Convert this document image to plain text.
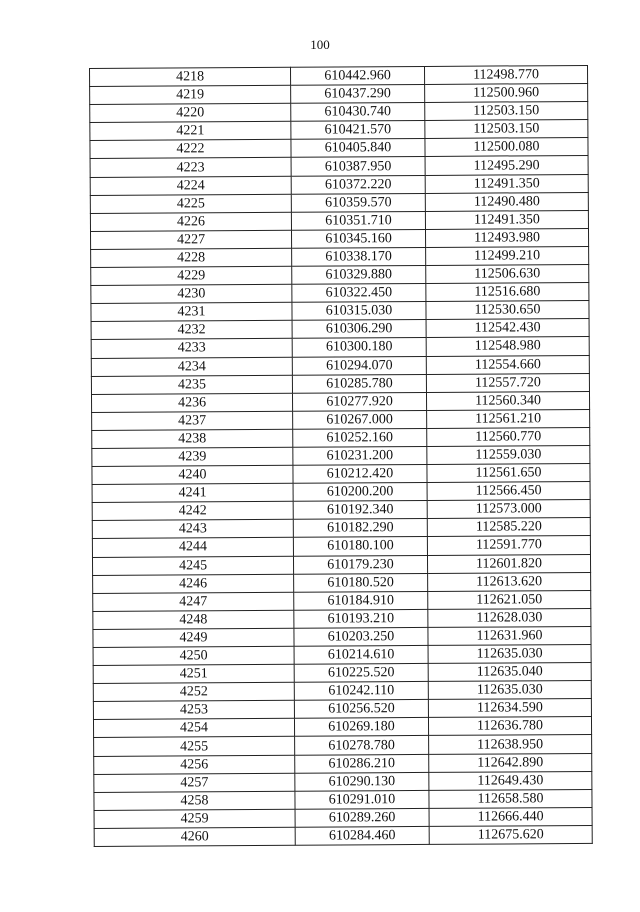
100
4218	610442.960	112498.770
4219	610437.290	112500.960
4220	610430.740	112503.150
4221	610421.570	112503.150
4222	610405.840	112500.080
4223	610387.950	112495.290
4224	610372.220	112491.350
4225	610359.570	112490.480
4226	610351.710	112491.350
4227	610345.160	112493.980
4228	610338.170	112499.210
4229	610329.880	112506.630
4230	610322.450	112516.680
4231	610315.030	112530.650
4232	610306.290	112542.430
4233	610300.180	112548.980
4234	610294.070	112554.660
4235	610285.780	112557.720
4236	610277.920	112560.340
4237	610267.000	112561.210
4238	610252.160	112560.770
4239	610231.200	112559.030
4240	610212.420	112561.650
4241	610200.200	112566.450
4242	610192.340	112573.000
4243	610182.290	112585.220
4244	610180.100	112591.770
4245	610179.230	112601.820
4246	610180.520	112613.620
4247	610184.910	112621.050
4248	610193.210	112628.030
4249	610203.250	112631.960
4250	610214.610	112635.030
4251	610225.520	112635.040
4252	610242.110	112635.030
4253	610256.520	112634.590
4254	610269.180	112636.780
4255	610278.780	112638.950
4256	610286.210	112642.890
4257	610290.130	112649.430
4258	610291.010	112658.580
4259	610289.260	112666.440
4260	610284.460	112675.620
